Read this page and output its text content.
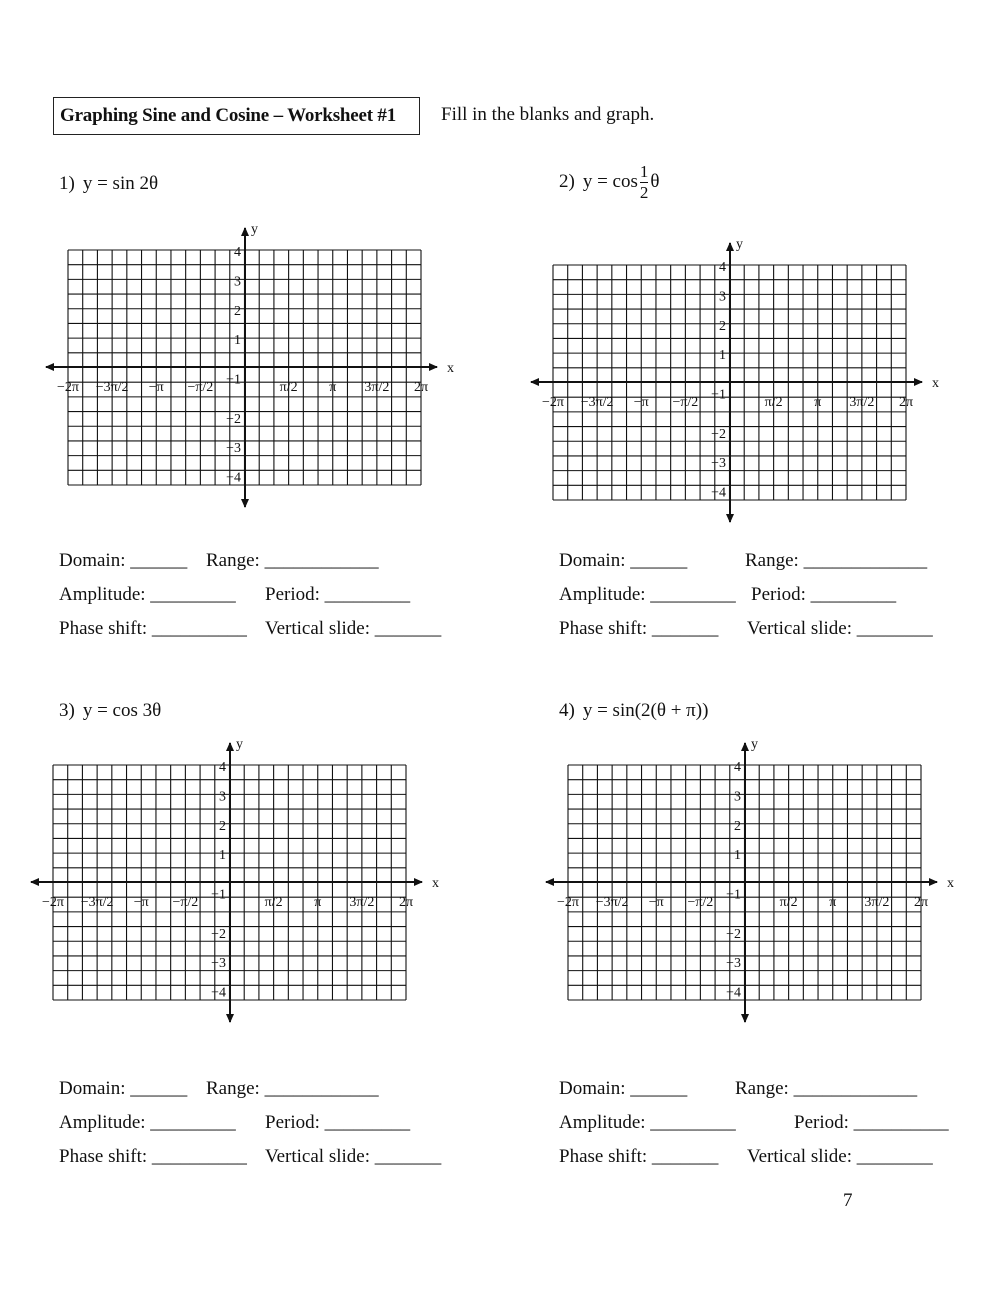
Graphing Sine and Cosine – Worksheet #1	Fill in the blanks and graph.
1) y = sin 2θ	2) $y = \cos \frac{1}{2}$ θ
3) y = cos 3θ	4) y = sin(2(θ + π))
x
y
−2π −3π/2 −π −π/2	π/2 π 3π/2 2π
4
3
2
1
−1
−2
−3
−4
x
y
−2π −3π/2 −π −π/2	π/2 π 3π/2 2π
4
3
2
1
−1
−2
−3
−4
x
y
−2π −3π/2 −π −π/2	π/2 π 3π/2 2π
4
3
2
1
−1
−2
−3
−4
x
y
−2π −3π/2 −π −π/2	π/2 π 3π/2 2π
4
3
2
1
−1
−2
−3
−4
Domain: ______ Range: ____________
Amplitude: _________ Period: _________
Phase shift: __________ Vertical slide: _______
Domain: ______	Range: _____________
Amplitude: _________ Period: _________
Phase shift: _______ Vertical slide: ________
Domain: ______ Range: ____________
Amplitude: _________ Period: _________
Phase shift: __________ Vertical slide: _______
Domain: ______	Range: _____________
Amplitude: _________	Period: __________
Phase shift: _______ Vertical slide: ________
7
